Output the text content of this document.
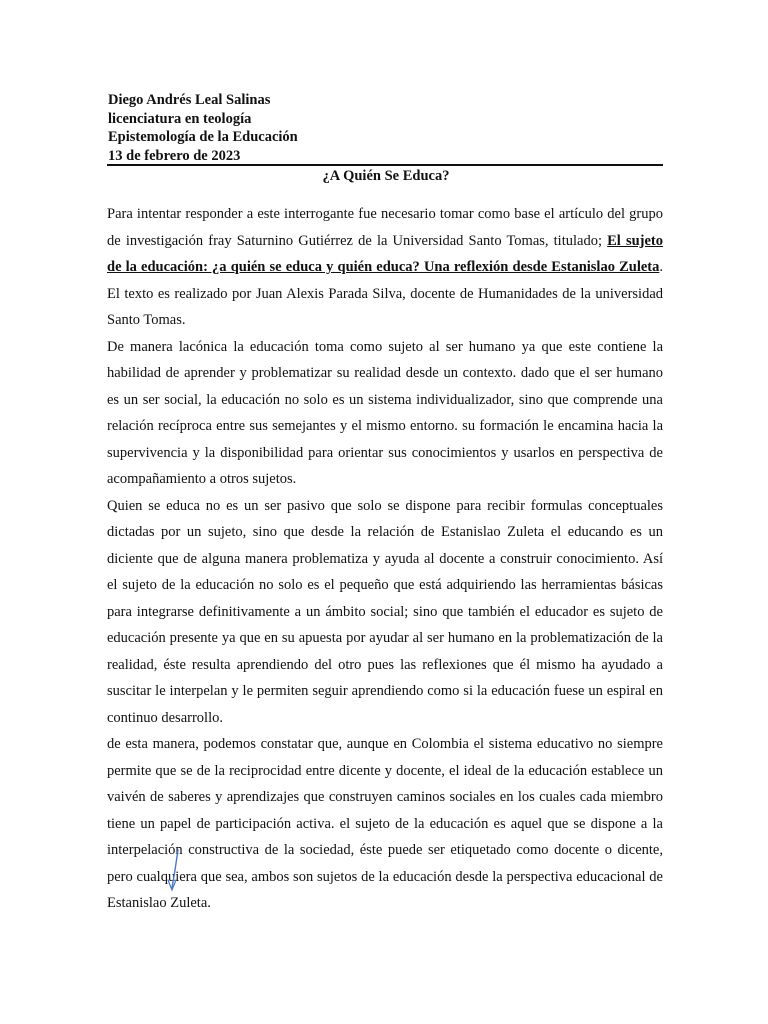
Diego Andrés Leal Salinas
licenciatura en teología
Epistemología de la Educación
13 de febrero de 2023
¿A Quién Se Educa?

Para intentar responder a este interrogante fue necesario tomar como base el artículo del grupo de investigación fray Saturnino Gutiérrez de la Universidad Santo Tomas, titulado; El sujeto de la educación: ¿a quién se educa y quién educa? Una reflexión desde Estanislao Zuleta. El texto es realizado por Juan Alexis Parada Silva, docente de Humanidades de la universidad Santo Tomas.

De manera lacónica la educación toma como sujeto al ser humano ya que este contiene la habilidad de aprender y problematizar su realidad desde un contexto. dado que el ser humano es un ser social, la educación no solo es un sistema individualizador, sino que comprende una relación recíproca entre sus semejantes y el mismo entorno. su formación le encamina hacia la supervivencia y la disponibilidad para orientar sus conocimientos y usarlos en perspectiva de acompañamiento a otros sujetos.

Quien se educa no es un ser pasivo que solo se dispone para recibir formulas conceptuales dictadas por un sujeto, sino que desde la relación de Estanislao Zuleta el educando es un diciente que de alguna manera problematiza y ayuda al docente a construir conocimiento. Así el sujeto de la educación no solo es el pequeño que está adquiriendo las herramientas básicas para integrarse definitivamente a un ámbito social; sino que también el educador es sujeto de educación presente ya que en su apuesta por ayudar al ser humano en la problematización de la realidad, éste resulta aprendiendo del otro pues las reflexiones que él mismo ha ayudado a suscitar le interpelan y le permiten seguir aprendiendo como si la educación fuese un espiral en continuo desarrollo.

de esta manera, podemos constatar que, aunque en Colombia el sistema educativo no siempre permite que se de la reciprocidad entre dicente y docente, el ideal de la educación establece un vaivén de saberes y aprendizajes que construyen caminos sociales en los cuales cada miembro tiene un papel de participación activa. el sujeto de la educación es aquel que se dispone a la interpelación constructiva de la sociedad, éste puede ser etiquetado como docente o dicente, pero cualquiera que sea, ambos son sujetos de la educación desde la perspectiva educacional de Estanislao Zuleta.
